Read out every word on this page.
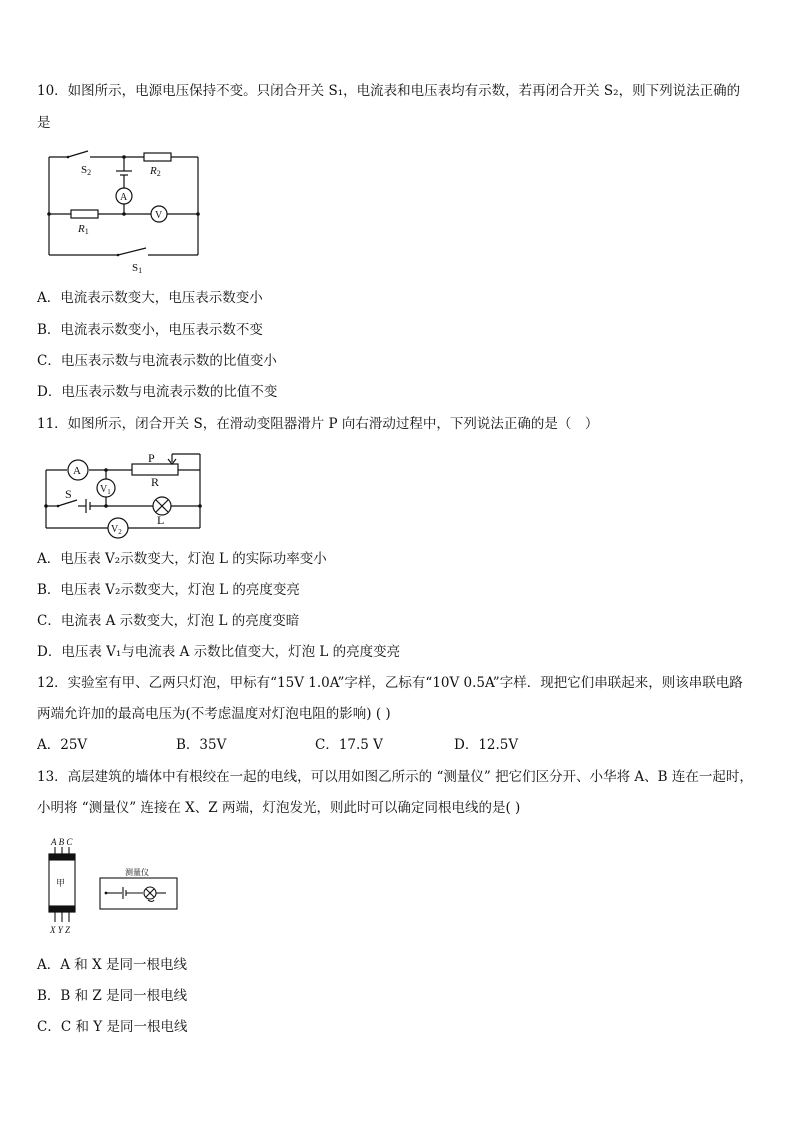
10．如图所示，电源电压保持不变。只闭合开关 S₁，电流表和电压表均有示数，若再闭合开关 S₂，则下列说法正确的
是
S2	R2
A
V
R1
S1
A．电流表示数变大，电压表示数变小
B．电流表示数变小，电压表示数不变
C．电压表示数与电流表示数的比值变小
D．电压表示数与电流表示数的比值不变
11．如图所示，闭合开关 S，在滑动变阻器滑片 P 向右滑动过程中，下列说法正确的是（　）
A
P
R
$V_1$
S
L
$V_2$
A．电压表 V₂示数变大，灯泡 L 的实际功率变小
B．电压表 V₂示数变大，灯泡 L 的亮度变亮
C．电流表 A 示数变大，灯泡 L 的亮度变暗
D．电压表 V₁与电流表 A 示数比值变大，灯泡 L 的亮度变亮
12．实验室有甲、乙两只灯泡，甲标有“15V 1.0A”字样，乙标有“10V 0.5A”字样．现把它们串联起来，则该串联电路
两端允许加的最高电压为(不考虑温度对灯泡电阻的影响) ( )
A．25V	B．35V	C．17.5 V	D．12.5V
13．高层建筑的墙体中有根绞在一起的电线，可以用如图乙所示的 “测量仪” 把它们区分开、小华将 A、B 连在一起时，
小明将 “测量仪” 连接在 X、Z 两端，灯泡发光，则此时可以确定同根电线的是( )
A B C
甲
X Y Z
测量仪
A．A 和 X 是同一根电线
B．B 和 Z 是同一根电线
C．C 和 Y 是同一根电线
